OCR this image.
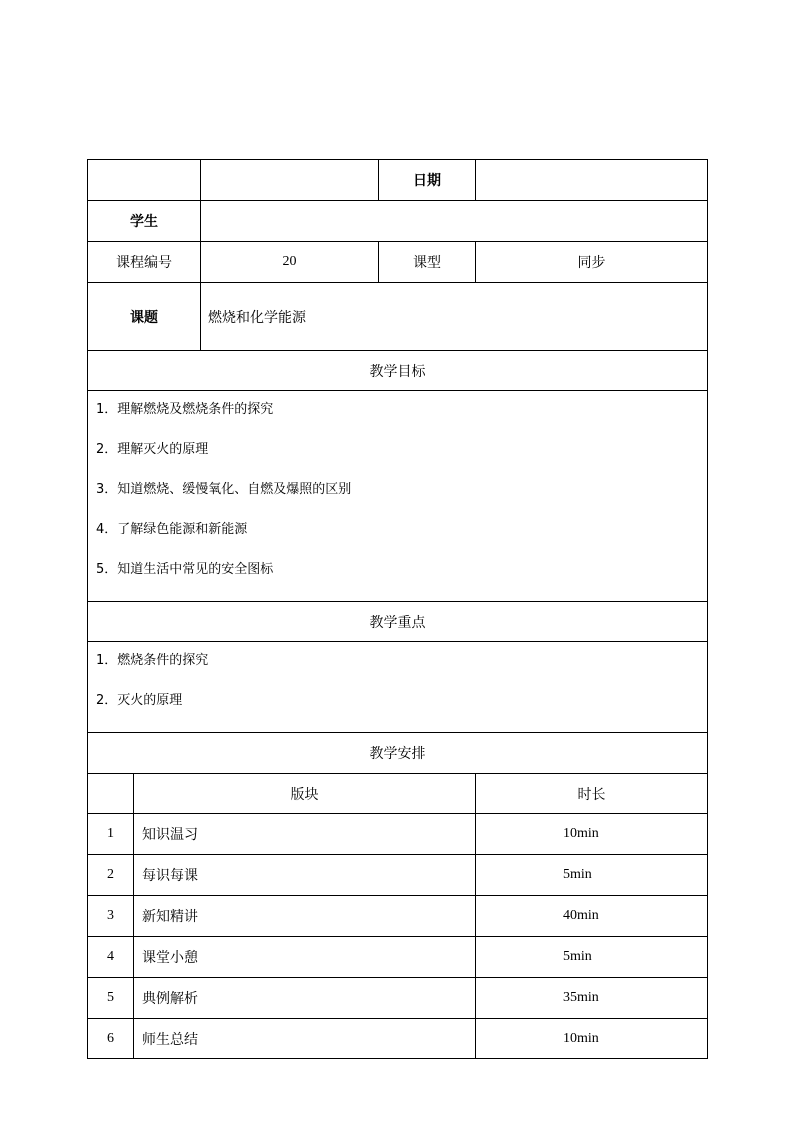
			日期	
学生				
课程编号		20	课型	同步
课题		燃烧和化学能源		
教学目标				

1．理解燃烧及燃烧条件的探究
2．理解灭火的原理
3．知道燃烧、缓慢氧化、自燃及爆照的区别
4．了解绿色能源和新能源
5．知道生活中常见的安全图标				

教学重点				

1．燃烧条件的探究
2．灭火的原理				

教学安排				
	版块			时长
1	知识温习			10min
2	每识每课			5min
3	新知精讲			40min
4	课堂小憩			5min
5	典例解析			35min
6	师生总结			10min
